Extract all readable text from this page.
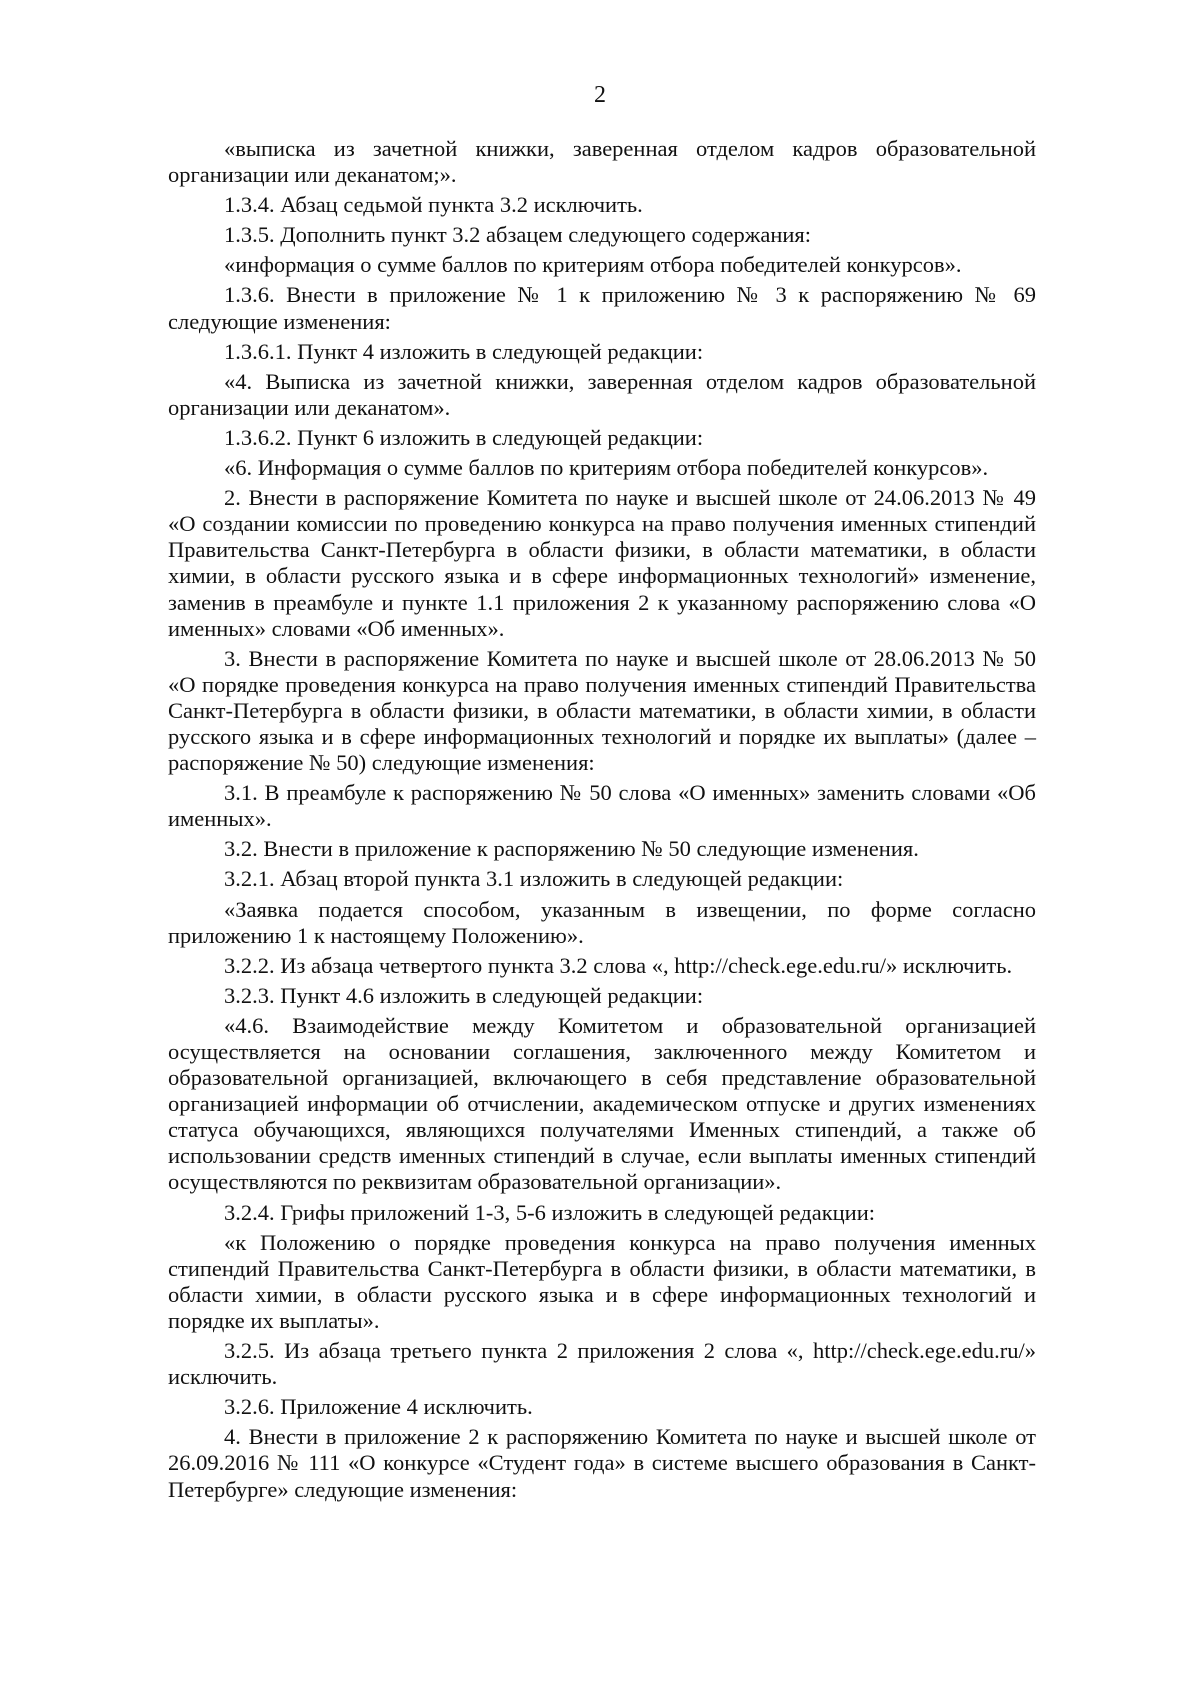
2

«выписка из зачетной книжки, заверенная отделом кадров образовательной организации или деканатом;».

1.3.4. Абзац седьмой пункта 3.2 исключить.

1.3.5. Дополнить пункт 3.2 абзацем следующего содержания:

«информация о сумме баллов по критериям отбора победителей конкурсов».

1.3.6. Внести в приложение № 1 к приложению № 3 к распоряжению № 69 следующие изменения:

1.3.6.1. Пункт 4 изложить в следующей редакции:

«4. Выписка из зачетной книжки, заверенная отделом кадров образовательной организации или деканатом».

1.3.6.2. Пункт 6 изложить в следующей редакции:

«6. Информация о сумме баллов по критериям отбора победителей конкурсов».

2. Внести в распоряжение Комитета по науке и высшей школе от 24.06.2013 № 49 «О создании комиссии по проведению конкурса на право получения именных стипендий Правительства Санкт-Петербурга в области физики, в области математики, в области химии, в области русского языка и в сфере информационных технологий» изменение, заменив в преамбуле и пункте 1.1 приложения 2 к указанному распоряжению слова «О именных» словами «Об именных».

3. Внести в распоряжение Комитета по науке и высшей школе от 28.06.2013 № 50 «О порядке проведения конкурса на право получения именных стипендий Правительства Санкт-Петербурга в области физики, в области математики, в области химии, в области русского языка и в сфере информационных технологий и порядке их выплаты» (далее – распоряжение № 50) следующие изменения:

3.1. В преамбуле к распоряжению № 50 слова «О именных» заменить словами «Об именных».

3.2. Внести в приложение к распоряжению № 50 следующие изменения.

3.2.1. Абзац второй пункта 3.1 изложить в следующей редакции:

«Заявка подается способом, указанным в извещении, по форме согласно приложению 1 к настоящему Положению».

3.2.2. Из абзаца четвертого пункта 3.2 слова «, http://check.ege.edu.ru/» исключить.

3.2.3. Пункт 4.6 изложить в следующей редакции:

«4.6. Взаимодействие между Комитетом и образовательной организацией осуществляется на основании соглашения, заключенного между Комитетом и образовательной организацией, включающего в себя представление образовательной организацией информации об отчислении, академическом отпуске и других изменениях статуса обучающихся, являющихся получателями Именных стипендий, а также об использовании средств именных стипендий в случае, если выплаты именных стипендий осуществляются по реквизитам образовательной организации».

3.2.4. Грифы приложений 1-3, 5-6 изложить в следующей редакции:

«к Положению о порядке проведения конкурса на право получения именных стипендий Правительства Санкт-Петербурга в области физики, в области математики, в области химии, в области русского языка и в сфере информационных технологий и порядке их выплаты».

3.2.5. Из абзаца третьего пункта 2 приложения 2 слова «, http://check.ege.edu.ru/» исключить.

3.2.6. Приложение 4 исключить.

4. Внести в приложение 2 к распоряжению Комитета по науке и высшей школе от 26.09.2016 № 111 «О конкурсе «Студент года» в системе высшего образования в Санкт-Петербурге» следующие изменения:
